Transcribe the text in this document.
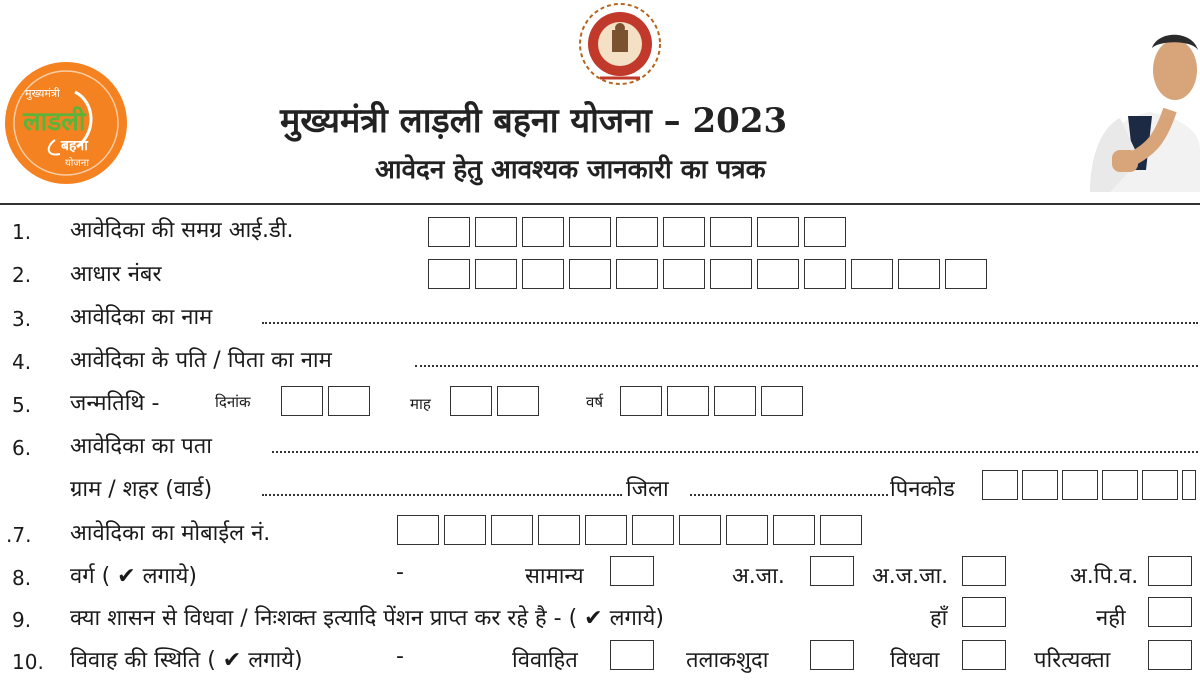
मुख्यमंत्री
लाडली
बहना
योजना
मुख्यमंत्री लाड़ली बहना योजना – 2023
आवेदन हेतु आवश्यक जानकारी का पत्रक
1. आवेदिका की समग्र आई.डी.
2. आधार नंबर
3. आवेदिका का नाम
4. आवेदिका के पति / पिता का नाम
5. जन्मतिथि -	दिनांक	माह	वर्ष
6. आवेदिका का पता
ग्राम / शहर (वार्ड)	जिला	पिनकोड
.7. आवेदिका का मोबाईल नं.
8. वर्ग ( ✔ लगाये)	-	सामान्य	अ.जा.	अ.ज.जा.	अ.पि.व.
9. क्या शासन से विधवा / निःशक्त इत्यादि पेंशन प्राप्त कर रहे है - ( ✔ लगाये)	हाँ	नही
10. विवाह की स्थिति ( ✔ लगाये)	-	विवाहित	तलाकशुदा	विधवा	परित्यक्ता
